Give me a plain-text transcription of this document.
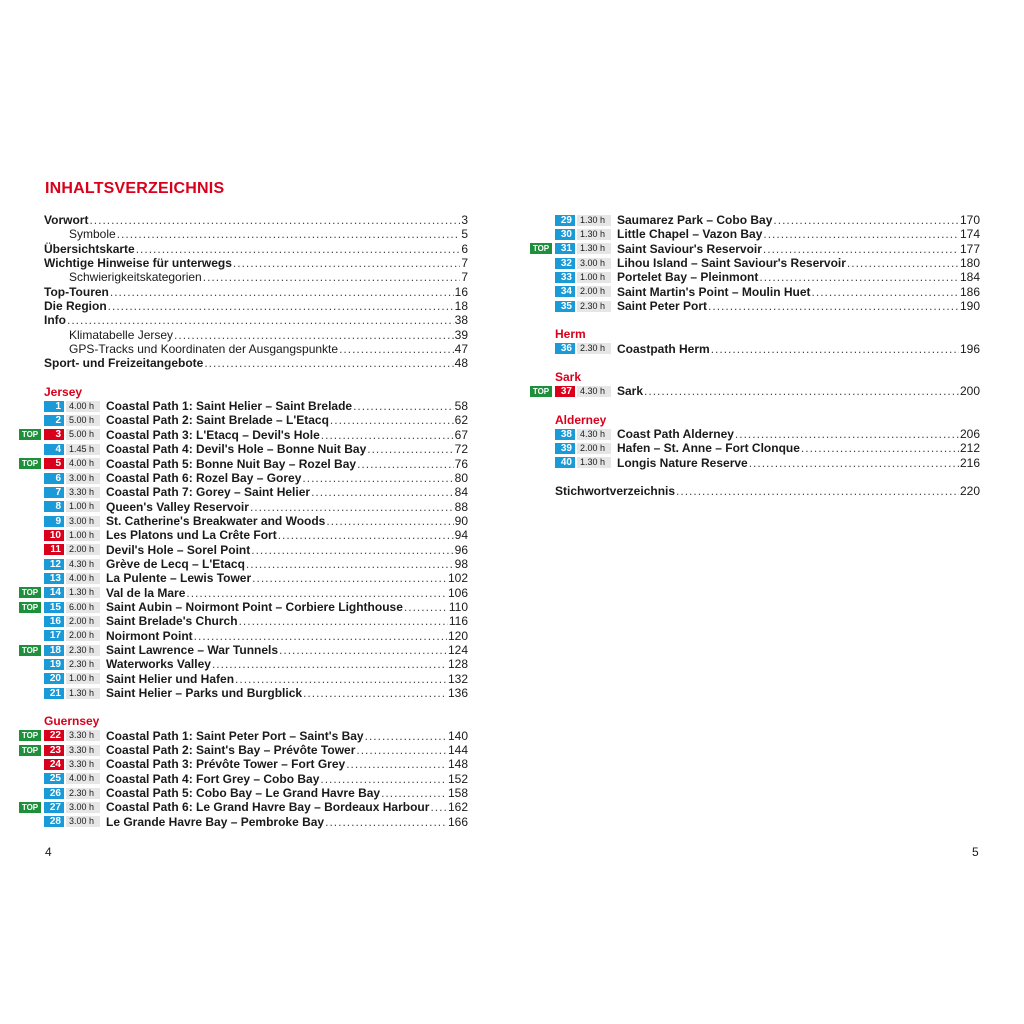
INHALTSVERZEICHNIS
Vorwort .....	3
Symbole .....	5
Übersichtskarte .....	6
Wichtige Hinweise für unterwegs .....	7
Schwierigkeitskategorien .....	7
Top-Touren .....	16
Die Region .....	18
Info .....	38
Klimatabelle Jersey .....	39
GPS-Tracks und Koordinaten der Ausgangspunkte .....	47
Sport- und Freizeitangebote .....	48
Jersey
1 4.00 h Coastal Path 1: Saint Helier – Saint Brelade .....	58
2 5.00 h Coastal Path 2: Saint Brelade – L'Etacq .....	62
TOP	3 5.00 h Coastal Path 3: L'Etacq – Devil's Hole .....	67
4 1.45 h Coastal Path 4: Devil's Hole – Bonne Nuit Bay .....	72
TOP	5 4.00 h Coastal Path 5: Bonne Nuit Bay – Rozel Bay .....	76
6 3.00 h Coastal Path 6: Rozel Bay – Gorey .....	80
7 3.30 h Coastal Path 7: Gorey – Saint Helier .....	84
8 1.00 h Queen's Valley Reservoir .....	88
9 3.00 h St. Catherine's Breakwater and Woods .....	90
10 1.00 h Les Platons und La Crête Fort .....	94
11 2.00 h Devil's Hole – Sorel Point .....	96
12 4.30 h Grève de Lecq – L'Etacq .....	98
13 4.00 h La Pulente – Lewis Tower .....	102
TOP	14 1.30 h Val de la Mare .....	106
TOP	15 6.00 h Saint Aubin – Noirmont Point – Corbiere Lighthouse .....	110
16 2.00 h Saint Brelade's Church .....	116
17 2.00 h Noirmont Point .....	120
TOP	18 2.30 h Saint Lawrence – War Tunnels .....	124
19 2.30 h Waterworks Valley .....	128
20 1.00 h Saint Helier und Hafen .....	132
21 1.30 h Saint Helier – Parks und Burgblick .....	136
Guernsey
TOP	22 3.30 h Coastal Path 1: Saint Peter Port – Saint's Bay .....	140
TOP	23 3.30 h Coastal Path 2: Saint's Bay – Prévôte Tower .....	144
24 3.30 h Coastal Path 3: Prévôte Tower – Fort Grey .....	148
25 4.00 h Coastal Path 4: Fort Grey – Cobo Bay .....	152
26 2.30 h Coastal Path 5: Cobo Bay – Le Grand Havre Bay .....	158
TOP	27 3.00 h Coastal Path 6: Le Grand Havre Bay – Bordeaux Harbour ..... 162
28 3.00 h Le Grande Havre Bay – Pembroke Bay .....	166
29 1.30 h Saumarez Park – Cobo Bay .....	170
30 1.30 h Little Chapel – Vazon Bay .....	174
TOP	31 1.30 h Saint Saviour's Reservoir .....	177
32 3.00 h Lihou Island – Saint Saviour's Reservoir .....	180
33 1.00 h Portelet Bay – Pleinmont .....	184
34 2.00 h Saint Martin's Point – Moulin Huet .....	186
35 2.30 h Saint Peter Port .....	190
Herm
36 2.30 h Coastpath Herm .....	196
Sark
TOP	37 4.30 h Sark .....	200
Alderney
38 4.30 h Coast Path Alderney .....	206
39 2.00 h Hafen – St. Anne – Fort Clonque .....	212
40 1.30 h Longis Nature Reserve .....	216
Stichwortverzeichnis .....	220
4	5
